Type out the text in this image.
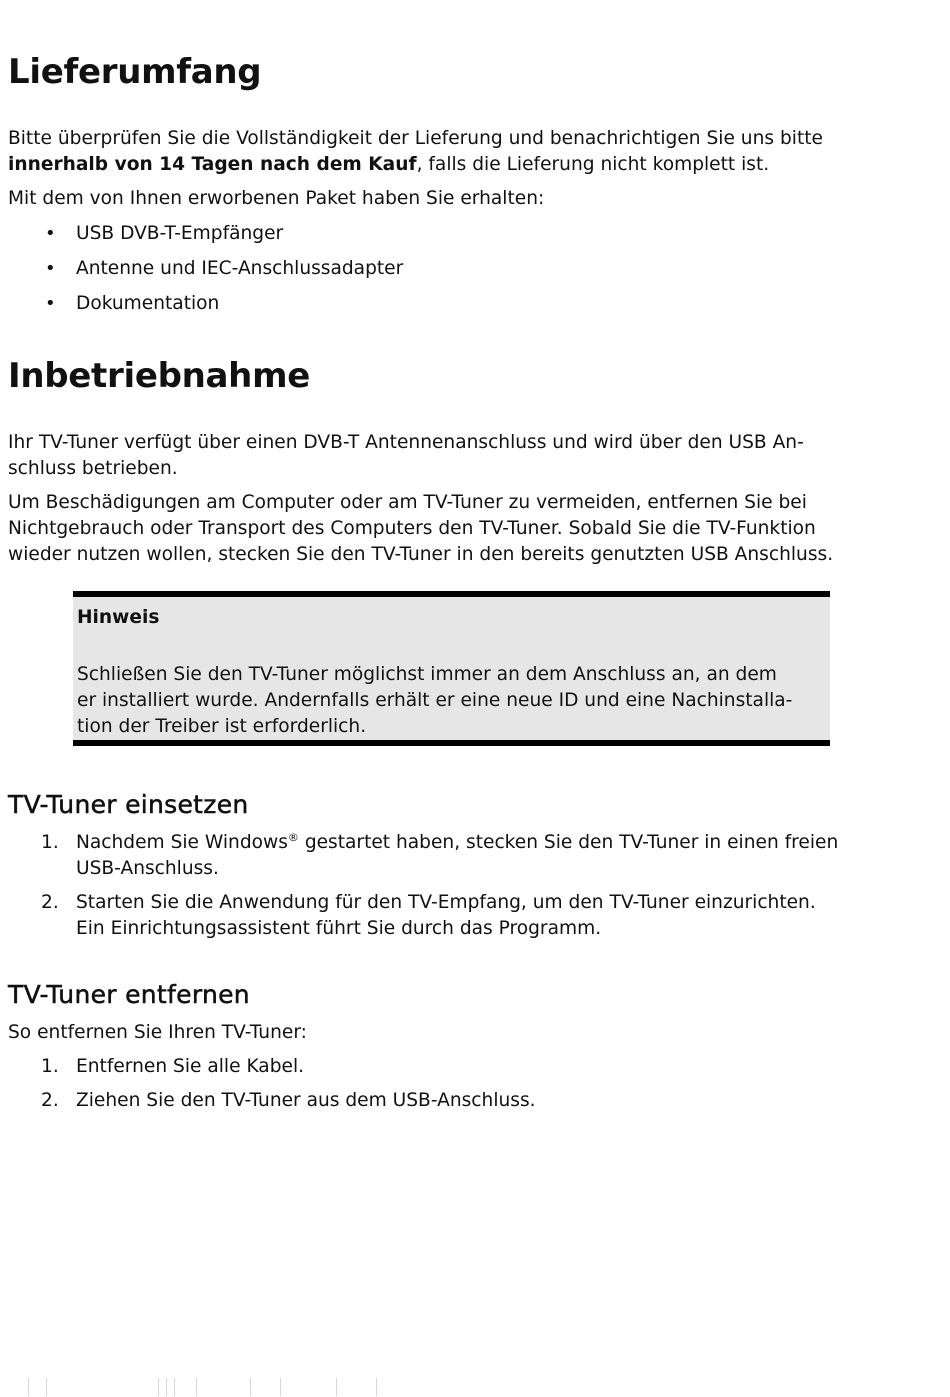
Lieferumfang

Bitte überprüfen Sie die Vollständigkeit der Lieferung und benachrichtigen Sie uns bitte

innerhalb von 14 Tagen nach dem Kauf, falls die Lieferung nicht komplett ist.

Mit dem von Ihnen erworbenen Paket haben Sie erhalten:

• USB DVB-T-Empfänger
• Antenne und IEC-Anschlussadapter
• Dokumentation
Inbetriebnahme

Ihr TV-Tuner verfügt über einen DVB-T Antennenanschluss und wird über den USB An-

schluss betrieben.

Um Beschädigungen am Computer oder am TV-Tuner zu vermeiden, entfernen Sie bei

Nichtgebrauch oder Transport des Computers den TV-Tuner. Sobald Sie die TV-Funktion

wieder nutzen wollen, stecken Sie den TV-Tuner in den bereits genutzten USB Anschluss.

Hinweis

Schließen Sie den TV-Tuner möglichst immer an dem Anschluss an, an dem

er installiert wurde. Andernfalls erhält er eine neue ID und eine Nachinstalla-

tion der Treiber ist erforderlich.

TV-Tuner einsetzen
1. Nachdem Sie Windows® gestartet haben, stecken Sie den TV-Tuner in einen freien
USB-Anschluss.
2. Starten Sie die Anwendung für den TV-Empfang, um den TV-Tuner einzurichten.
Ein Einrichtungsassistent führt Sie durch das Programm.
TV-Tuner entfernen

So entfernen Sie Ihren TV-Tuner:

1. Entfernen Sie alle Kabel.
2. Ziehen Sie den TV-Tuner aus dem USB-Anschluss.
